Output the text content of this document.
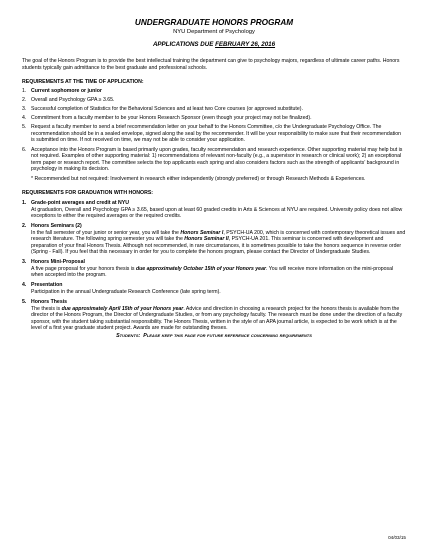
UNDERGRADUATE HONORS PROGRAM
NYU Department of Psychology
APPLICATIONS DUE FEBRUARY 26, 2016

The goal of the Honors Program is to provide the best intellectual training the department can give to psychology majors, regardless of ultimate career paths. Honors students typically gain admittance to the best graduate and professional schools.

REQUIREMENTS AT THE TIME OF APPLICATION:
1. Current sophomore or junior
2. Overall and Psychology GPA ≥ 3.65.
3. Successful completion of Statistics for the Behavioral Sciences and at least two Core courses (or approved substitute).
4. Commitment from a faculty member to be your Honors Research Sponsor (even though your project may not be finalized).
5. Request a faculty member to send a brief recommendation letter on your behalf to the Honors Committee, c/o the Undergraduate Psychology Office. The recommendation should be in a sealed envelope, signed along the seal by the recommender. It will be your responsibility to make sure that their recommendation is submitted on time. If not received on time, we may not be able to consider your application.
6. Acceptance into the Honors Program is based primarily upon grades, faculty recommendation and research experience. Other supporting material may help but is not required. Examples of other supporting material: 1) recommendations of relevant non-faculty (e.g., a supervisor in research or clinical work); 2) an exceptional term paper or research report. The committee selects the top applicants each spring and also considers factors such as the strength of applicants’ background in psychology in making its decision.

* Recommended but not required: Involvement in research either independently (strongly preferred) or through Research Methods & Experiences.

REQUIREMENTS FOR GRADUATION WITH HONORS:
1. Grade-point averages and credit at NYU
At graduation, Overall and Psychology GPA ≥ 3.65, based upon at least 60 graded credits in Arts & Sciences at NYU are required. University policy does not allow exceptions to either the required averages or the required credits.
2. Honors Seminars (2)
In the fall semester of your junior or senior year, you will take the Honors Seminar I, PSYCH-UA 200, which is concerned with contemporary theoretical issues and research literature. The following spring semester you will take the Honors Seminar II, PSYCH-UA 201. This seminar is concerned with development and preparation of your final Honors Thesis. Although not recommended, in rare circumstances, it is sometimes possible to take the honors sequence in reverse order (Spring - Fall). If you feel that this necessary in order for you to complete the honors program, please contact the Director of Undergraduate Studies.
3. Honors Mini-Proposal
A five page proposal for your honors thesis is due approximately October 15th of your Honors year. You will receive more information on the mini-proposal when accepted into the program.
4. Presentation
Participation in the annual Undergraduate Research Conference (late spring term).
5. Honors Thesis
The thesis is due approximately April 15th of your Honors year. Advice and direction in choosing a research project for the honors thesis is available from the director of the Honors Program, the Director of Undergraduate Studies, or from any psychology faculty. The research must be done under the direction of a faculty sponsor, with the student taking substantial responsibility. The Honors Thesis, written in the style of an APA journal article, is expected to be work which is at the level of a first year graduate student project. Awards are made for outstanding theses.
Students: Please keep this page for future reference concerning requirements
04/03/15
